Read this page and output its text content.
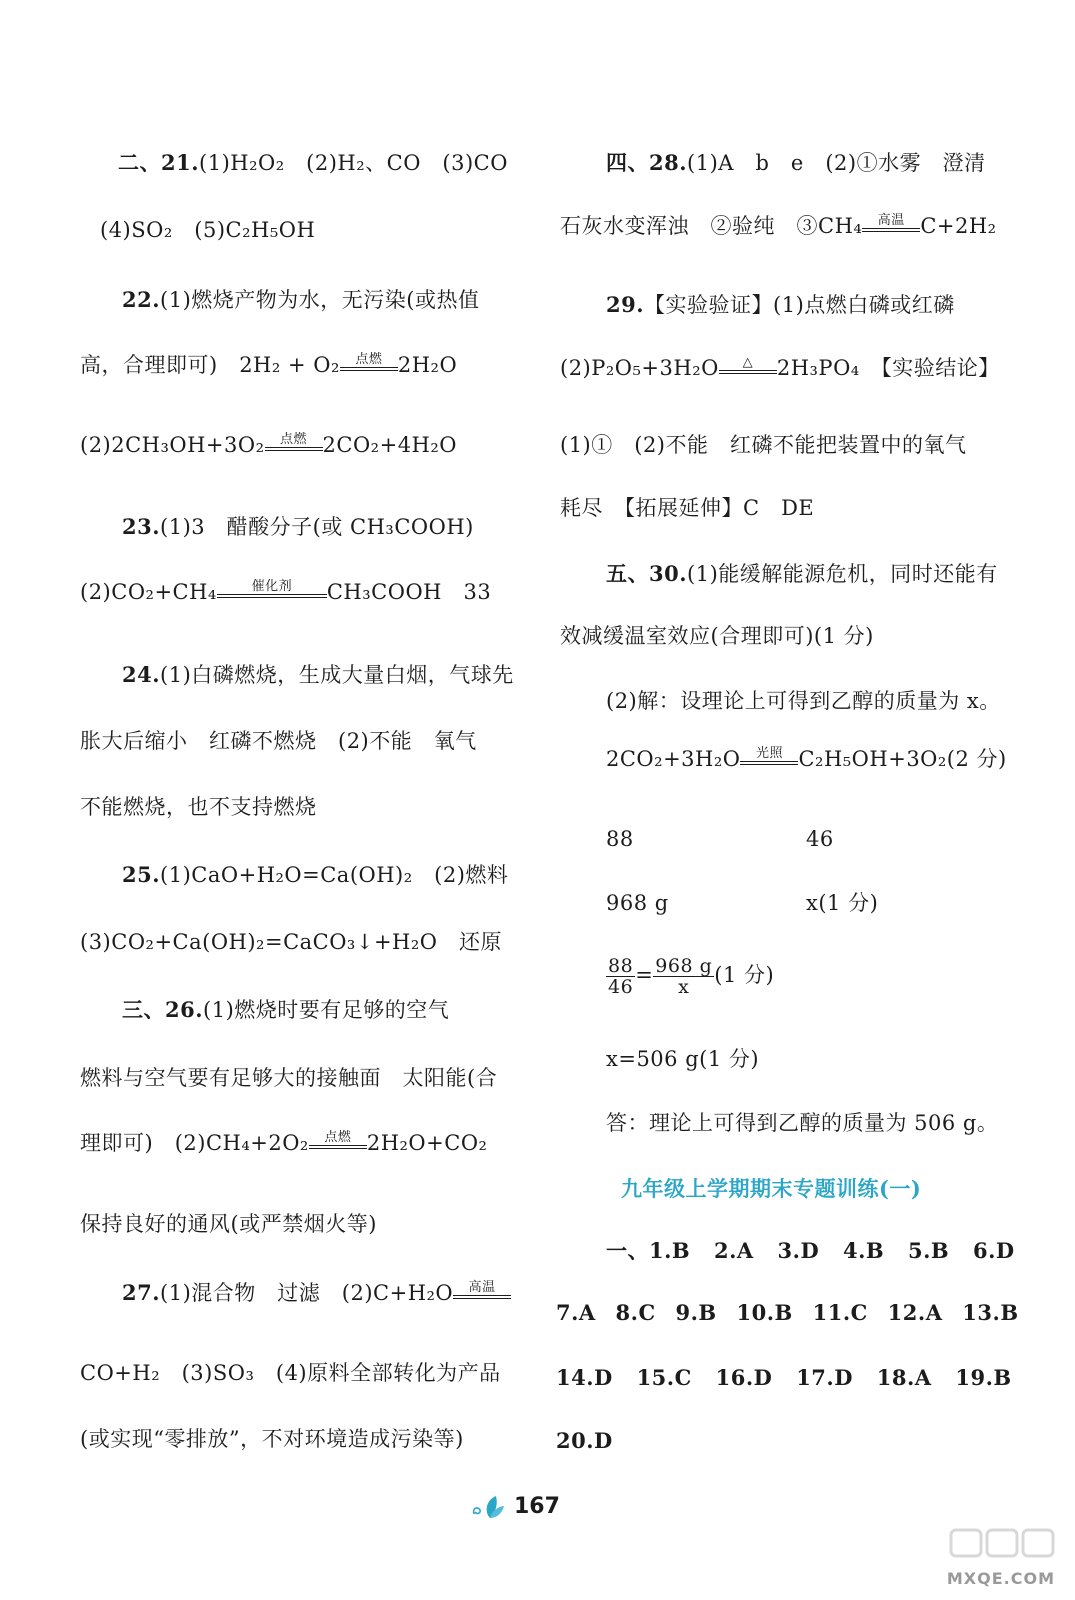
二、21.(1)H₂O₂　(2)H₂、CO　(3)CO
(4)SO₂　(5)C₂H₅OH
22.(1)燃烧产物为水，无污染(或热值
高，合理即可)　2H₂ + O₂	点燃 2H₂O
(2)2CH₃OH+3O₂	点燃 2CO₂+4H₂O
23.(1)3　醋酸分子(或 CH₃COOH)
(2)CO₂+CH₄	催化剂	CH₃COOH　33
24.(1)白磷燃烧，生成大量白烟，气球先
胀大后缩小　红磷不燃烧　(2)不能　氧气
不能燃烧，也不支持燃烧
25.(1)CaO+H₂O=Ca(OH)₂　(2)燃料
(3)CO₂+Ca(OH)₂=CaCO₃↓+H₂O　还原
三、26.(1)燃烧时要有足够的空气
燃料与空气要有足够大的接触面　太阳能(合
理即可)　(2)CH₄+2O₂	点燃 2H₂O+CO₂
保持良好的通风(或严禁烟火等)
27.(1)混合物　过滤　(2)C+H₂O	高温
CO+H₂　(3)SO₃　(4)原料全部转化为产品
(或实现“零排放”，不对环境造成污染等)
四、28.(1)A　b　e　(2)①水雾　澄清
石灰水变浑浊　②验纯　③CH₄	高温 C+2H₂
29.【实验验证】(1)点燃白磷或红磷
(2)P₂O₅+3H₂O	△	2H₃PO₄　【实验结论】
(1)①　(2)不能　红磷不能把装置中的氧气
耗尽　【拓展延伸】C　DE
五、30.(1)能缓解能源危机，同时还能有
效减缓温室效应(合理即可)(1 分)
(2)解：设理论上可得到乙醇的质量为 x。
2CO₂+3H₂O	光照 C₂H₅OH+3O₂(2 分)
88	46
968 g	x(1 分)
$\frac{88}{46} = \frac{968 g}{x} (1$ 分)
x=506 g(1 分)
答：理论上可得到乙醇的质量为 506 g。
九年级上学期期末专题训练(一)
一、1.B 2.A 3.D 4.B 5.B 6.D
7.A 8.C 9.B 10.B 11.C 12.A 13.B
14.D 15.C 16.D 17.D 18.A 19.B
20.D
167
MXQE.COM
